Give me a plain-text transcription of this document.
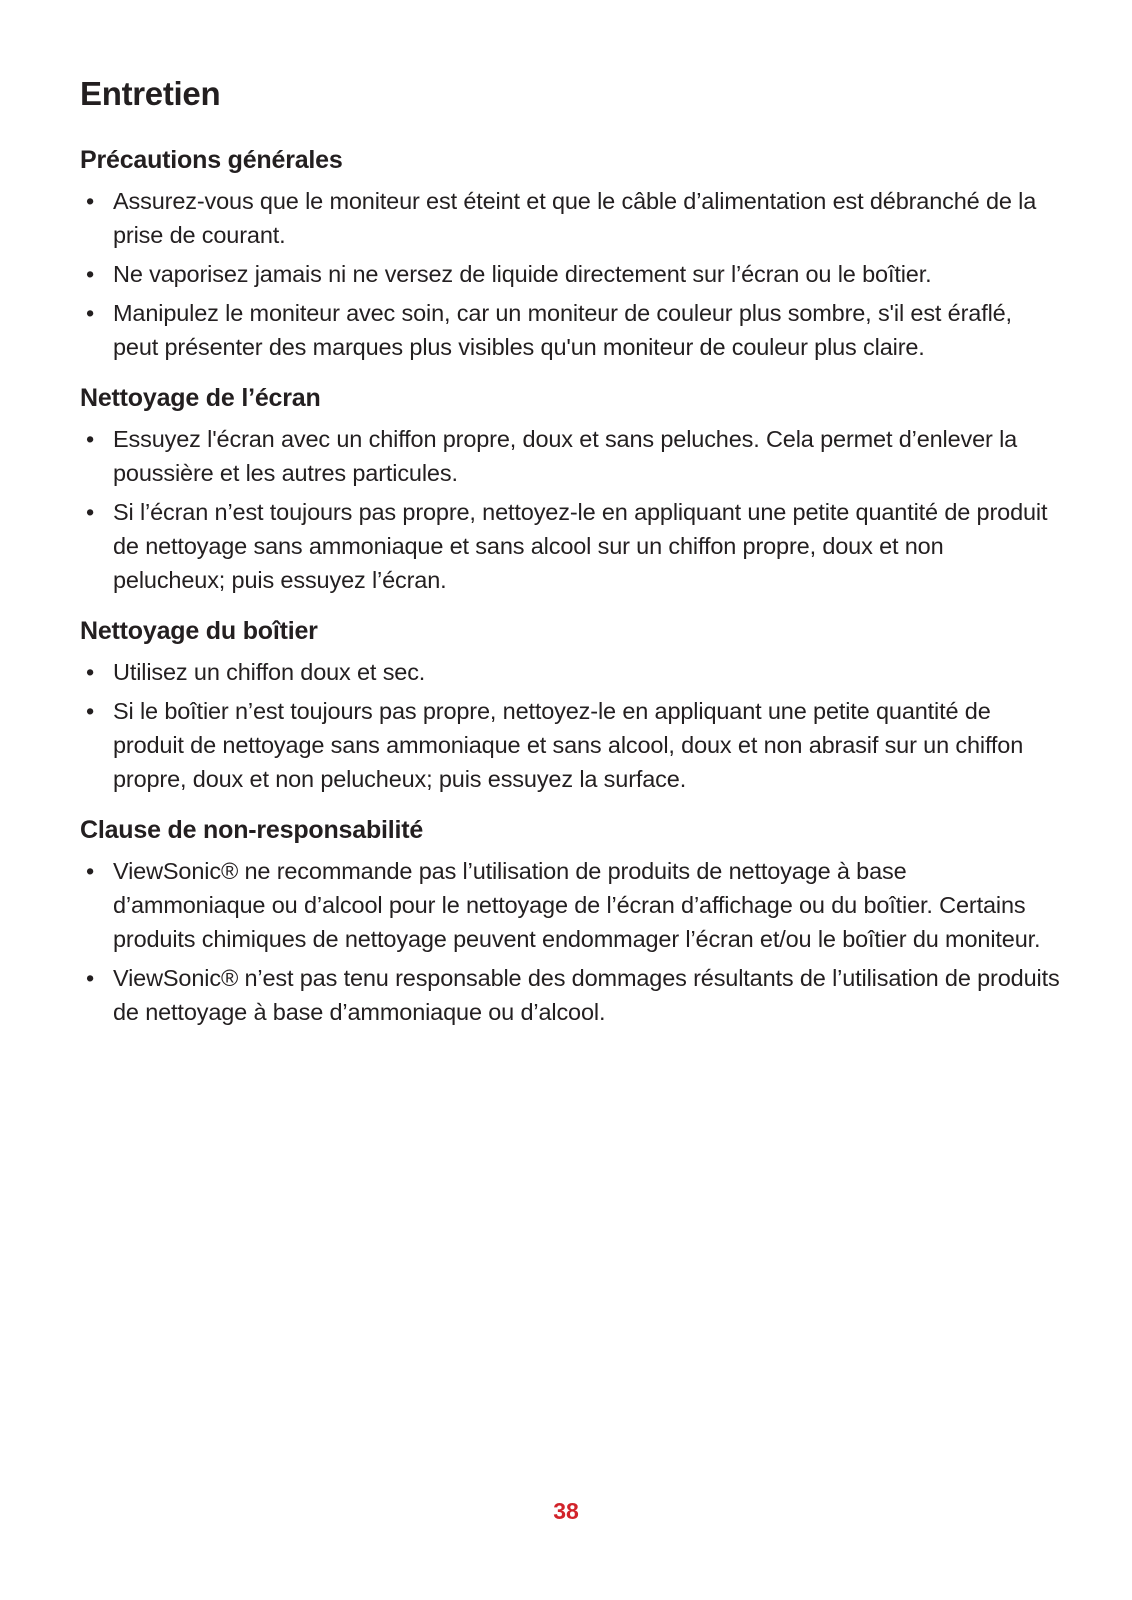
Entretien
Précautions générales
• Assurez-vous que le moniteur est éteint et que le câble d’alimentation est débranché de la prise de courant.
• Ne vaporisez jamais ni ne versez de liquide directement sur l’écran ou le boîtier.
• Manipulez le moniteur avec soin, car un moniteur de couleur plus sombre, s'il est éraflé, peut présenter des marques plus visibles qu'un moniteur de couleur plus claire.
Nettoyage de l’écran
• Essuyez l'écran avec un chiffon propre, doux et sans peluches. Cela permet d’enlever la poussière et les autres particules.
• Si l’écran n’est toujours pas propre, nettoyez-le en appliquant une petite quantité de produit de nettoyage sans ammoniaque et sans alcool sur un chiffon propre, doux et non pelucheux; puis essuyez l’écran.
Nettoyage du boîtier
• Utilisez un chiffon doux et sec.
• Si le boîtier n’est toujours pas propre, nettoyez-le en appliquant une petite quantité de produit de nettoyage sans ammoniaque et sans alcool, doux et non abrasif sur un chiffon propre, doux et non pelucheux; puis essuyez la surface.
Clause de non-responsabilité
• ViewSonic® ne recommande pas l’utilisation de produits de nettoyage à base d’ammoniaque ou d’alcool pour le nettoyage de l’écran d’affichage ou du boîtier. Certains produits chimiques de nettoyage peuvent endommager l’écran et/ou le boîtier du moniteur.
• ViewSonic® n’est pas tenu responsable des dommages résultants de l’utilisation de produits de nettoyage à base d’ammoniaque ou d’alcool.
38
